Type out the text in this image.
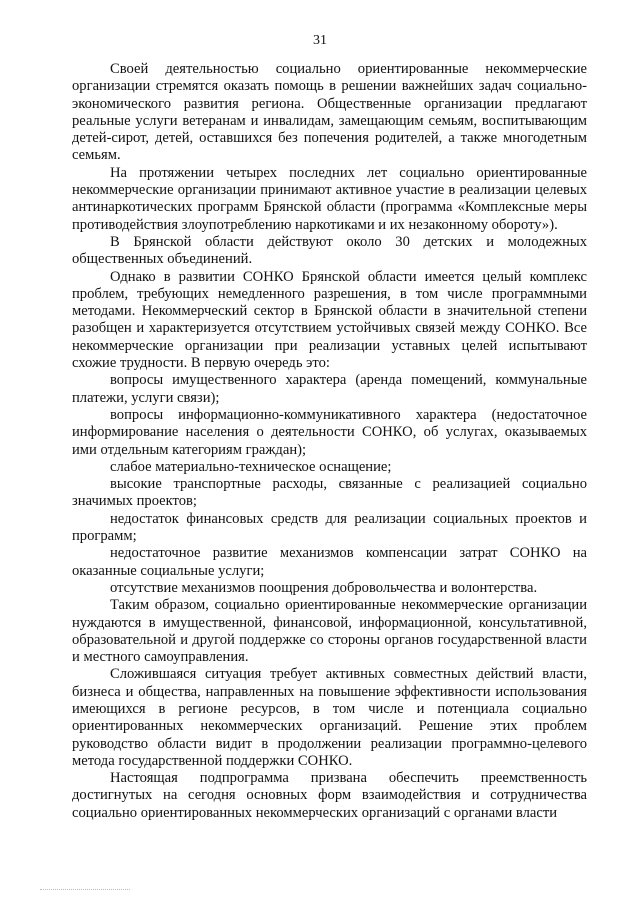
31

Своей деятельностью социально ориентированные некоммерческие организации стремятся оказать помощь в решении важнейших задач социально-экономического развития региона. Общественные организации предлагают реальные услуги ветеранам и инвалидам, замещающим семьям, воспитывающим детей-сирот, детей, оставшихся без попечения родителей, а также многодетным семьям.

На протяжении четырех последних лет социально ориентированные некоммерческие организации принимают активное участие в реализации целевых антинаркотических программ Брянской области (программа «Комплексные меры противодействия злоупотреблению наркотиками и их незаконному обороту»).

В Брянской области действуют около 30 детских и молодежных общественных объединений.

Однако в развитии СОНКО Брянской области имеется целый комплекс проблем, требующих немедленного разрешения, в том числе программными методами. Некоммерческий сектор в Брянской области в значительной степени разобщен и характеризуется отсутствием устойчивых связей между СОНКО. Все некоммерческие организации при реализации уставных целей испытывают схожие трудности. В первую очередь это:

вопросы имущественного характера (аренда помещений, коммунальные платежи, услуги связи);

вопросы информационно-коммуникативного характера (недостаточное информирование населения о деятельности СОНКО, об услугах, оказываемых ими отдельным категориям граждан);

слабое материально-техническое оснащение;

высокие транспортные расходы, связанные с реализацией социально значимых проектов;

недостаток финансовых средств для реализации социальных проектов и программ;

недостаточное развитие механизмов компенсации затрат СОНКО на оказанные социальные услуги;

отсутствие механизмов поощрения добровольчества и волонтерства.

Таким образом, социально ориентированные некоммерческие организации нуждаются в имущественной, финансовой, информационной, консультативной, образовательной и другой поддержке со стороны органов государственной власти и местного самоуправления.

Сложившаяся ситуация требует активных совместных действий власти, бизнеса и общества, направленных на повышение эффективности использования имеющихся в регионе ресурсов, в том числе и потенциала социально ориентированных некоммерческих организаций. Решение этих проблем руководство области видит в продолжении реализации программно-целевого метода государственной поддержки СОНКО.

Настоящая подпрограмма призвана обеспечить преемственность достигнутых на сегодня основных форм взаимодействия и сотрудничества социально ориентированных некоммерческих организаций с органами власти
